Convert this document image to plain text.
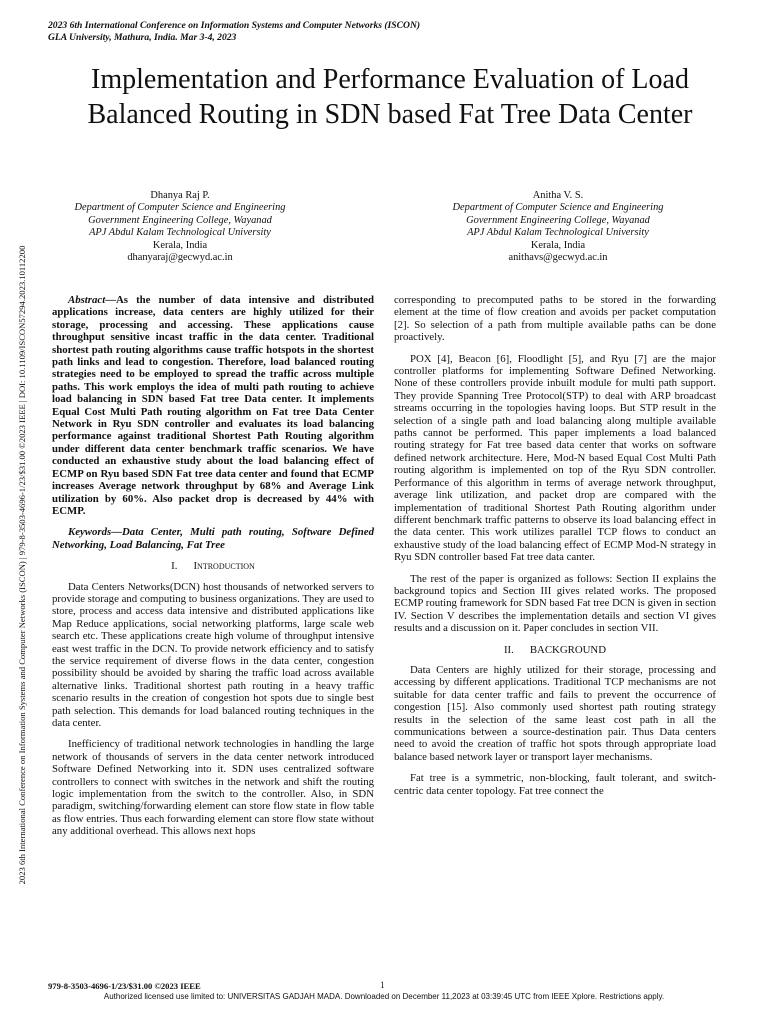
2023 6th International Conference on Information Systems and Computer Networks (ISCON)
GLA University, Mathura, India. Mar 3-4, 2023
2023 6th International Conference on Information Systems and Computer Networks (ISCON) | 979-8-3503-4696-1/23/$31.00 ©2023 IEEE | DOI: 10.1109/ISCON57294.2023.10112200
Implementation and Performance Evaluation of Load Balanced Routing in SDN based Fat Tree Data Center
Dhanya Raj P.
Department of Computer Science and Engineering
Government Engineering College, Wayanad
APJ Abdul Kalam Technological University
Kerala, India
dhanyaraj@gecwyd.ac.in
Anitha V. S.
Department of Computer Science and Engineering
Government Engineering College, Wayanad
APJ Abdul Kalam Technological University
Kerala, India
anithavs@gecwyd.ac.in

Abstract—As the number of data intensive and distributed applications increase, data centers are highly utilized for their storage, processing and accessing. These applications cause throughput sensitive incast traffic in the data center. Traditional shortest path routing algorithms cause traffic hotspots in the shortest path links and lead to congestion. Therefore, load balanced routing strategies need to be employed to spread the traffic across multiple paths. This work employs the idea of multi path routing to achieve load balancing in SDN based Fat tree Data center. It implements Equal Cost Multi Path routing algorithm on Fat tree Data Center Network in Ryu SDN controller and evaluates its load balancing performance against traditional Shortest Path Routing algorithm under different data center benchmark traffic scenarios. We have conducted an exhaustive study about the load balancing effect of ECMP on Ryu based SDN Fat tree data center and found that ECMP increases Average network throughput by 68% and Average Link utilization by 60%. Also packet drop is decreased by 44% with ECMP.

Keywords—Data Center, Multi path routing, Software Defined Networking, Load Balancing, Fat Tree

I. Introduction

Data Centers Networks(DCN) host thousands of networked servers to provide storage and computing to business organizations. They are used to store, process and access data intensive and distributed applications like Map Reduce applications, social networking platforms, large scale web search etc. These applications create high volume of throughput intensive east west traffic in the DCN. To provide network efficiency and to satisfy the service requirement of diverse flows in the data center, congestion possibility should be avoided by sharing the traffic load across available alternative links. Traditional shortest path routing in a heavy traffic scenario results in the creation of congestion hot spots due to single best path selection. This demands for load balanced routing techniques in the data center.

Inefficiency of traditional network technologies in handling the large network of thousands of servers in the data center network introduced Software Defined Networking into it. SDN uses centralized software controllers to connect with switches in the network and shift the routing logic implementation from the switch to the controller. Also, in SDN paradigm, switching/forwarding element can store flow state in flow table as flow entries. Thus each forwarding element can store flow state without any additional overhead. This allows next hops

corresponding to precomputed paths to be stored in the forwarding element at the time of flow creation and avoids per packet computation [2]. So selection of a path from multiple available paths can be done proactively.

POX [4], Beacon [6], Floodlight [5], and Ryu [7] are the major controller platforms for implementing Software Defined Networking. None of these controllers provide inbuilt module for multi path support. They provide Spanning Tree Protocol(STP) to deal with ARP broadcast streams occurring in the topologies having loops. But STP result in the selection of a single path and load balancing along multiple available paths cannot be performed. This paper implements a load balanced routing strategy for Fat tree based data center that works on software defined network architecture. Here, Mod-N based Equal Cost Multi Path routing algorithm is implemented on top of the Ryu SDN controller. Performance of this algorithm in terms of average network throughput, average link utilization, and packet drop are compared with the implementation of traditional Shortest Path Routing algorithm under different benchmark traffic patterns to observe its load balancing effect in the data center. This work utilizes parallel TCP flows to conduct an exhaustive study of the load balancing effect of ECMP Mod-N strategy in Ryu SDN controller based Fat tree data canter.

The rest of the paper is organized as follows: Section II explains the background topics and Section III gives related works. The proposed ECMP routing framework for SDN based Fat tree DCN is given in section IV. Section V describes the implementation details and section VI gives results and a discussion on it. Paper concludes in section VII.

II. BACKGROUND

Data Centers are highly utilized for their storage, processing and accessing by different applications. Traditional TCP mechanisms are not suitable for data center traffic and fails to prevent the occurrence of congestion [15]. Also commonly used shortest path routing strategy results in the selection of the same least cost path in all the communications between a source-destination pair. Thus Data centers need to avoid the creation of traffic hot spots through appropriate load balance based network layer or transport layer mechanisms.

Fat tree is a symmetric, non-blocking, fault tolerant, and switch-centric data center topology. Fat tree connect the

979-8-3503-4696-1/23/$31.00 ©2023 IEEE	1
Authorized licensed use limited to: UNIVERSITAS GADJAH MADA. Downloaded on December 11,2023 at 03:39:45 UTC from IEEE Xplore. Restrictions apply.
